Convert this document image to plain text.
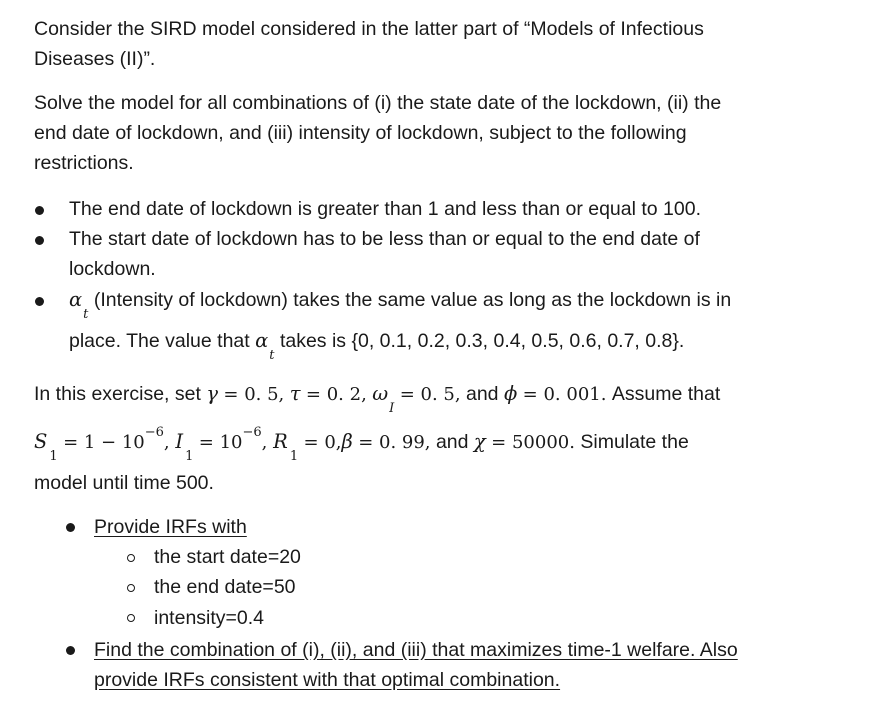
Consider the SIRD model considered in the latter part of “Models of Infectious

Diseases (II)”.

Solve the model for all combinations of (i) the state date of the lockdown, (ii) the

end date of lockdown, and (iii) intensity of lockdown, subject to the following

restrictions.

The end date of lockdown is greater than 1 and less than or equal to 100.

The start date of lockdown has to be less than or equal to the end date of

lockdown.

$\alpha_t$ (Intensity of lockdown) takes the same value as long as the lockdown is in

place. The value that $\alpha_t$ takes is {0, 0.1, 0.2, 0.3, 0.4, 0.5, 0.6, 0.7, 0.8}.

In this exercise, set γ = 0. 5, τ = 0. 2, $\omega_I = 0$. 5, and ϕ = 0. 001. Assume that

$S_1 = 1 - 10^{-6}$, $I_1 = 10^{-6}$, $R_1 = 0,\beta = 0$. 99, and χ = 50000. Simulate the

model until time 500.

Provide IRFs with

the start date=20

the end date=50

intensity=0.4

Find the combination of (i), (ii), and (iii) that maximizes time-1 welfare. Also

provide IRFs consistent with that optimal combination.
